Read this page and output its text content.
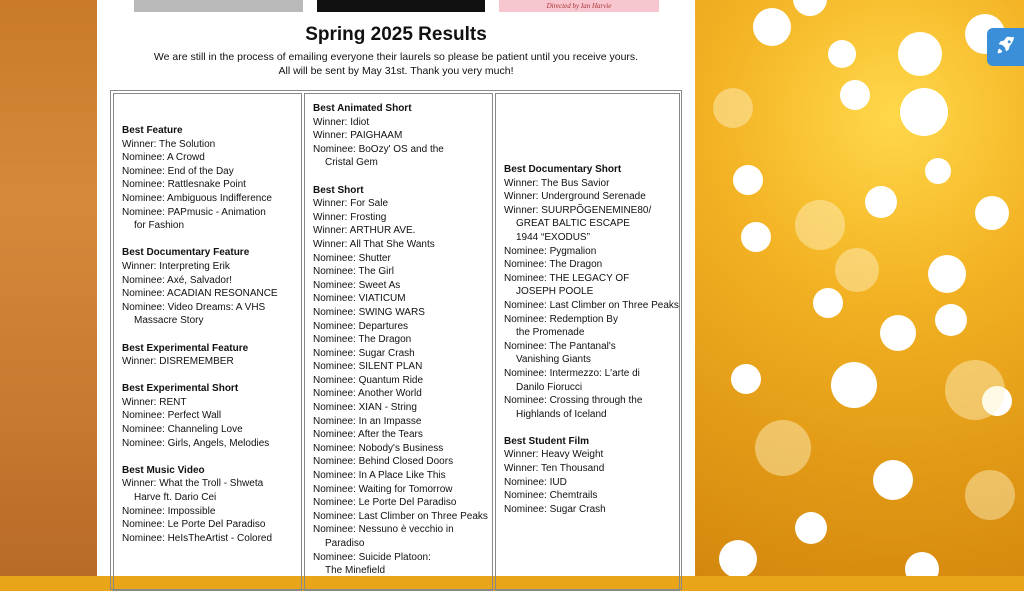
Directed by Ian Harvie
Spring 2025 Results
We are still in the process of emailing everyone their laurels so please be patient until you receive yours.
All will be sent by May 31st. Thank you very much!
Best Feature
Winner: The Solution
Nominee: A Crowd
Nominee: End of the Day
Nominee: Rattlesnake Point
Nominee: Ambiguous Indifference
Nominee: PAPmusic - Animation
for Fashion
Best Documentary Feature
Winner: Interpreting Erik
Nominee: Axé, Salvador!
Nominee: ACADIAN RESONANCE
Nominee: Video Dreams: A VHS
Massacre Story
Best Experimental Feature
Winner: DISREMEMBER
Best Experimental Short
Winner: RENT
Nominee: Perfect Wall
Nominee: Channeling Love
Nominee: Girls, Angels, Melodies
Best Music Video
Winner: What the Troll - Shweta
Harve ft. Dario Cei
Nominee: Impossible
Nominee: Le Porte Del Paradiso
Nominee: HeIsTheArtist - Colored
Best Animated Short
Winner: Idiot
Winner: PAIGHAAM
Nominee: BoOzy' OS and the
Cristal Gem
Best Short
Winner: For Sale
Winner: Frosting
Winner: ARTHUR AVE.
Winner: All That She Wants
Nominee: Shutter
Nominee: The Girl
Nominee: Sweet As
Nominee: VIATICUM
Nominee: SWING WARS
Nominee: Departures
Nominee: The Dragon
Nominee: Sugar Crash
Nominee: SILENT PLAN
Nominee: Quantum Ride
Nominee: Another World
Nominee: XIAN - String
Nominee: In an Impasse
Nominee: After the Tears
Nominee: Nobody's Business
Nominee: Behind Closed Doors
Nominee: In A Place Like This
Nominee: Waiting for Tomorrow
Nominee: Le Porte Del Paradiso
Nominee: Last Climber on Three Peaks
Nominee: Nessuno è vecchio in
Paradiso
Nominee: Suicide Platoon:
The Minefield
Best Documentary Short
Winner: The Bus Savior
Winner: Underground Serenade
Winner: SUURPÕGENEMINE80/
GREAT BALTIC ESCAPE
1944 “EXODUS”
Nominee: Pygmalion
Nominee: The Dragon
Nominee: THE LEGACY OF
JOSEPH POOLE
Nominee: Last Climber on Three Peaks
Nominee: Redemption By
the Promenade
Nominee: The Pantanal's
Vanishing Giants
Nominee: Intermezzo: L'arte di
Danilo Fiorucci
Nominee: Crossing through the
Highlands of Iceland
Best Student Film
Winner: Heavy Weight
Winner: Ten Thousand
Nominee: IUD
Nominee: Chemtrails
Nominee: Sugar Crash
